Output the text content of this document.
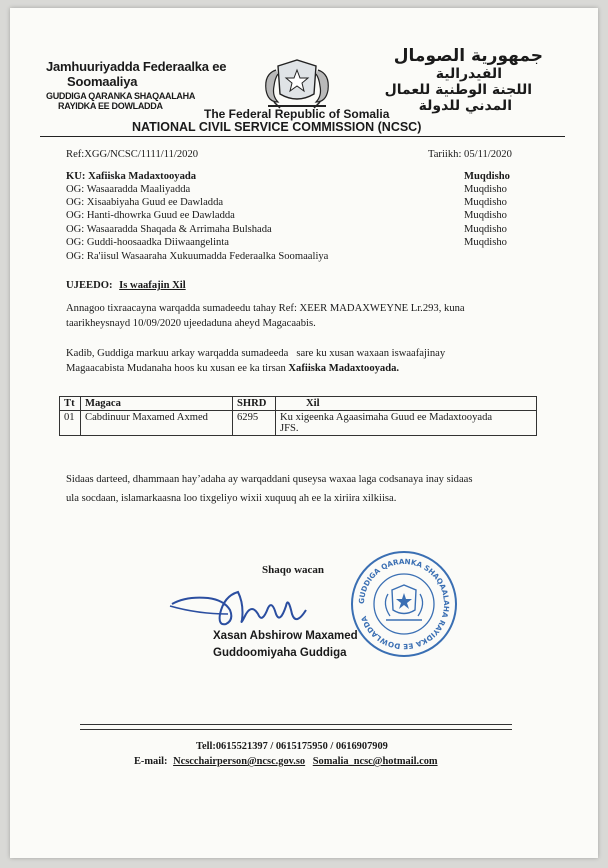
Jamhuuriyadda Federaalka ee
Soomaaliya
GUDDIGA QARANKA SHAQAALAHA
RAYIDKA EE DOWLADDA
جمهورية الصومال
الفيدرالية
اللجنة الوطنية للعمال
المدني للدولة
The Federal Republic of Somalia
NATIONAL CIVIL SERVICE COMMISSION (NCSC)
Ref:XGG/NCSC/1111/11/2020	Tariikh: 05/11/2020
KU: Xafiiska Madaxtooyada	Muqdisho
OG: Wasaaradda Maaliyadda	Muqdisho
OG: Xisaabiyaha Guud ee Dawladda	Muqdisho
OG: Hanti-dhowrka Guud ee Dawladda	Muqdisho
OG: Wasaaradda Shaqada & Arrimaha Bulshada	Muqdisho
OG: Guddi-hoosaadka Diiwaangelinta	Muqdisho
OG: Ra'iisul Wasaaraha Xukuumadda Federaalka Soomaaliya
UJEEDO: Is waafajin Xil
Annagoo tixraacayna warqadda sumadeedu tahay Ref: XEER MADAXWEYNE Lr.293, kuna
taarikheysnayd 10/09/2020 ujeedaduna aheyd Magacaabis.
Kadib, Guddiga markuu arkay warqadda sumadeeda   sare ku xusan waxaan iswaafajinay
Magaacabista Mudanaha hoos ku xusan ee ka tirsan Xafiiska Madaxtooyada.
Tt	Magaca	SHRD	Xil
01	Cabdinuur Maxamed Axmed	6295	Ku xigeenka Agaasimaha Guud ee Madaxtooyada
JFS.
Sidaas darteed, dhammaan hay’adaha ay warqaddani quseysa waxaa laga codsanaya inay sidaas
ula socdaan, islamarkaasna loo tixgeliyo wixii xuquuq ah ee la xiriira xilkiisa.
Shaqo wacan
GUDDIGA QARANKA SHAQAALAHA RAYIDKA EE DOWLADDA
Xasan Abshirow Maxamed
Guddoomiyaha Guddiga
Tell:0615521397 / 0615175950 / 0616907909
E-mail: Ncscchairperson@ncsc.gov.so Somalia_ncsc@hotmail.com
